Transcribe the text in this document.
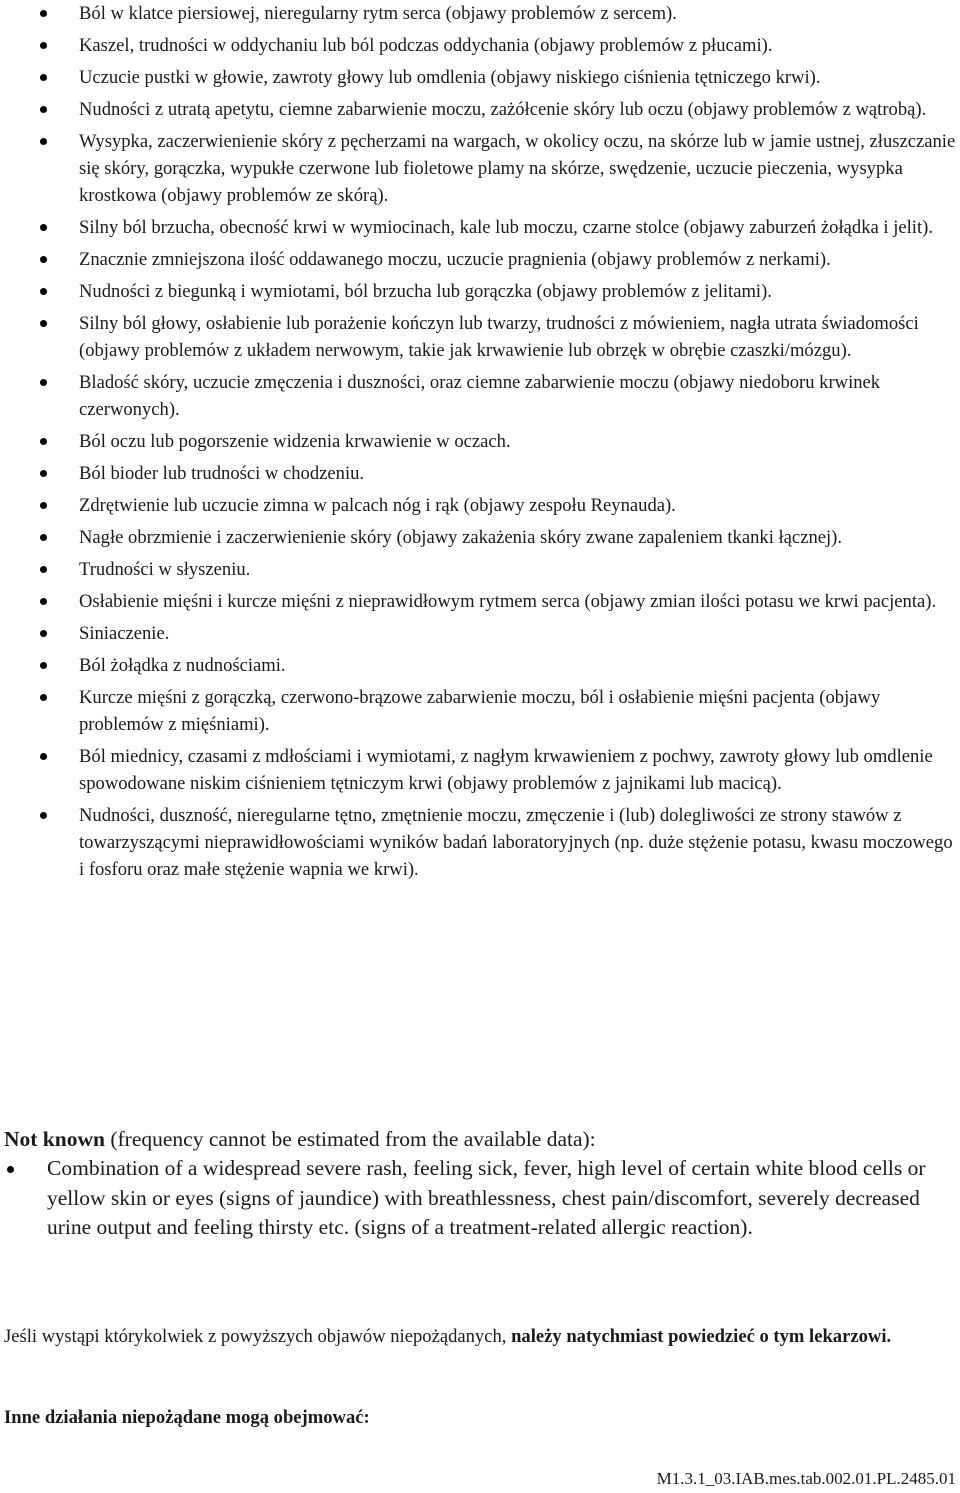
Ból w klatce piersiowej, nieregularny rytm serca (objawy problemów z sercem).
Kaszel, trudności w oddychaniu lub ból podczas oddychania (objawy problemów z płucami).
Uczucie pustki w głowie, zawroty głowy lub omdlenia (objawy niskiego ciśnienia tętniczego krwi).
Nudności z utratą apetytu, ciemne zabarwienie moczu, zażółcenie skóry lub oczu (objawy problemów z wątrobą).
Wysypka, zaczerwienienie skóry z pęcherzami na wargach, w okolicy oczu, na skórze lub w jamie ustnej, złuszczanie się skóry, gorączka, wypukłe czerwone lub fioletowe plamy na skórze, swędzenie, uczucie pieczenia, wysypka krostkowa (objawy problemów ze skórą).
Silny ból brzucha, obecność krwi w wymiocinach, kale lub moczu, czarne stolce (objawy zaburzeń żołądka i jelit).
Znacznie zmniejszona ilość oddawanego moczu, uczucie pragnienia (objawy problemów z nerkami).
Nudności z biegunką i wymiotami, ból brzucha lub gorączka (objawy problemów z jelitami).
Silny ból głowy, osłabienie lub porażenie kończyn lub twarzy, trudności z mówieniem, nagła utrata świadomości (objawy problemów z układem nerwowym, takie jak krwawienie lub obrzęk w obrębie czaszki/mózgu).
Bladość skóry, uczucie zmęczenia i duszności, oraz ciemne zabarwienie moczu (objawy niedoboru krwinek czerwonych).
Ból oczu lub pogorszenie widzenia krwawienie w oczach.
Ból bioder lub trudności w chodzeniu.
Zdrętwienie lub uczucie zimna w palcach nóg i rąk (objawy zespołu Reynauda).
Nagłe obrzmienie i zaczerwienienie skóry (objawy zakażenia skóry zwane zapaleniem tkanki łącznej).
Trudności w słyszeniu.
Osłabienie mięśni i kurcze mięśni z nieprawidłowym rytmem serca (objawy zmian ilości potasu we krwi pacjenta).
Siniaczenie.
Ból żołądka z nudnościami.
Kurcze mięśni z gorączką, czerwono-brązowe zabarwienie moczu, ból i osłabienie mięśni pacjenta (objawy problemów z mięśniami).
Ból miednicy, czasami z mdłościami i wymiotami, z nagłym krwawieniem z pochwy, zawroty głowy lub omdlenie spowodowane niskim ciśnieniem tętniczym krwi (objawy problemów z jajnikami lub macicą).
Nudności, duszność, nieregularne tętno, zmętnienie moczu, zmęczenie i (lub) dolegliwości ze strony stawów z towarzyszącymi nieprawidłowościami wyników badań laboratoryjnych (np. duże stężenie potasu, kwasu moczowego i fosforu oraz małe stężenie wapnia we krwi).
Not known (frequency cannot be estimated from the available data):
Combination of a widespread severe rash, feeling sick, fever, high level of certain white blood cells or yellow skin or eyes (signs of jaundice) with breathlessness, chest pain/discomfort, severely decreased urine output and feeling thirsty etc. (signs of a treatment-related allergic reaction).
Jeśli wystąpi którykolwiek z powyższych objawów niepożądanych, należy natychmiast powiedzieć o tym lekarzowi.
Inne działania niepożądane mogą obejmować:
M1.3.1_03.IAB.mes.tab.002.01.PL.2485.01
